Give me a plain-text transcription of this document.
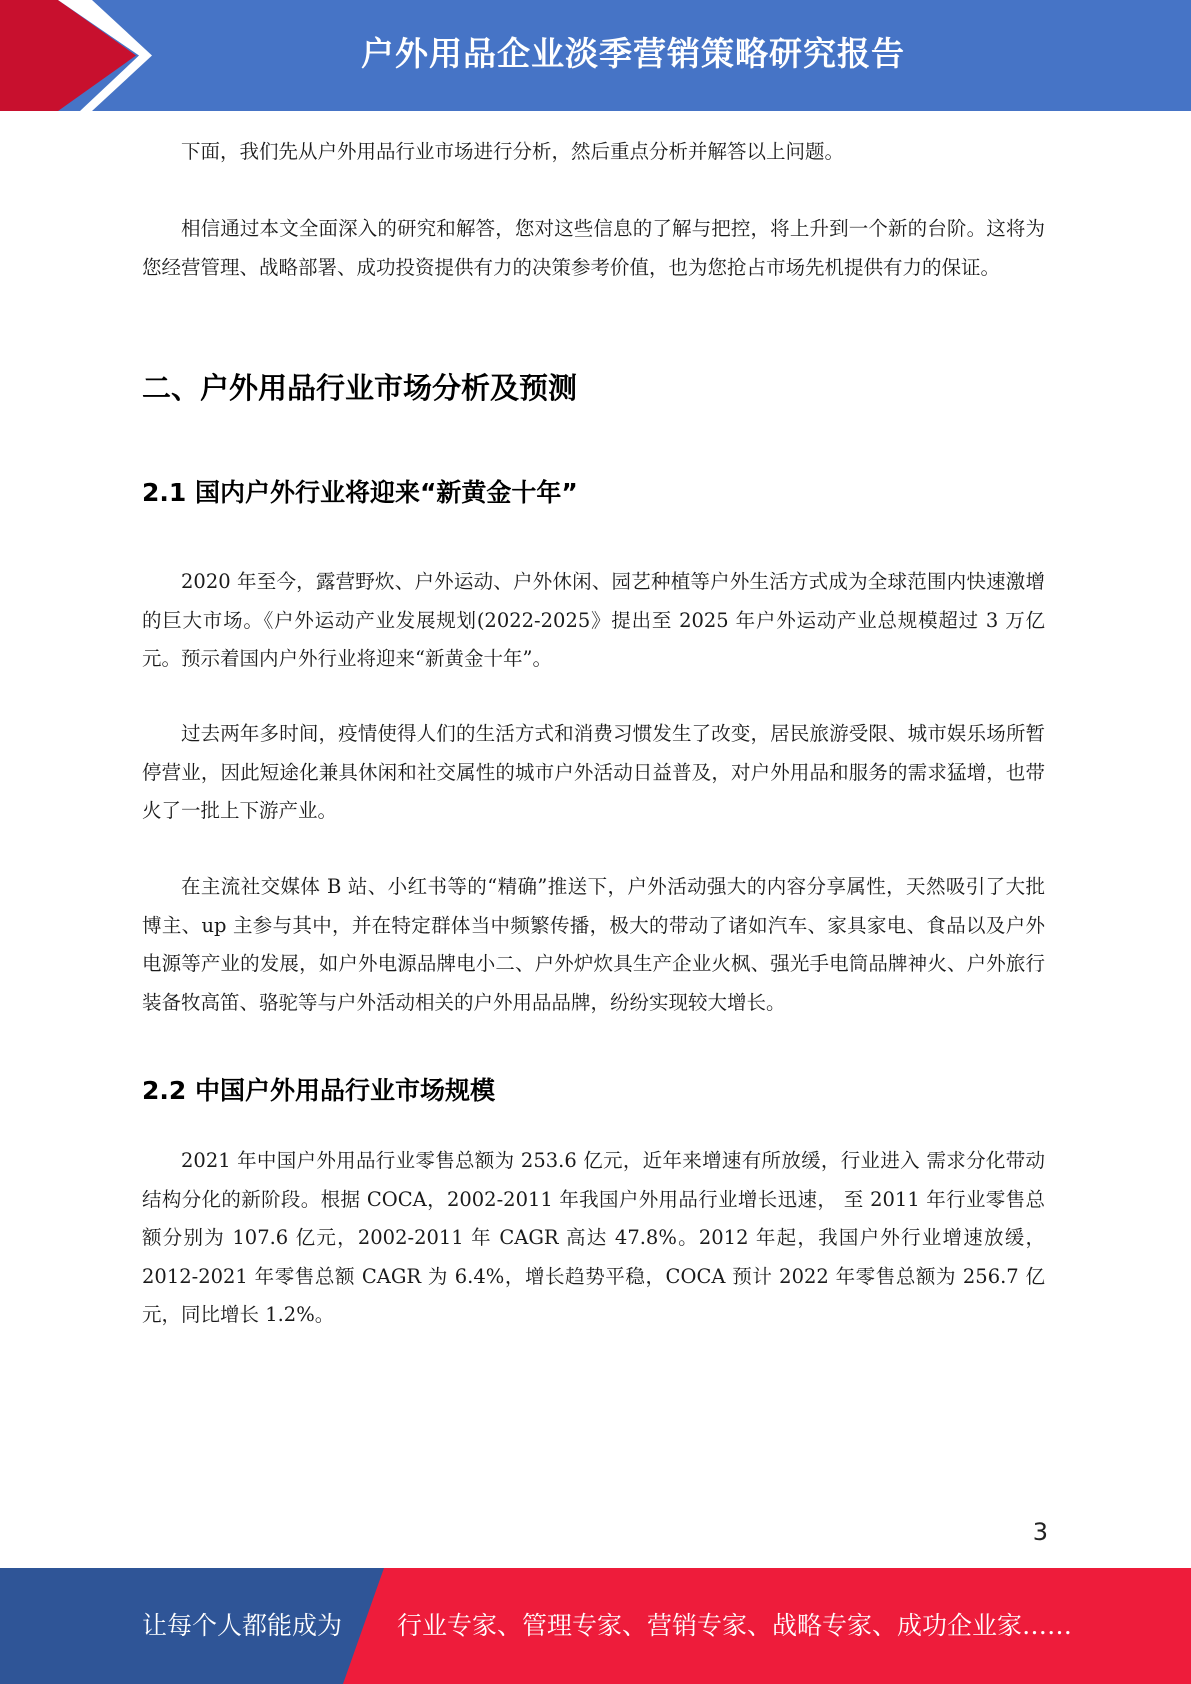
户外用品企业淡季营销策略研究报告

下面，我们先从户外用品行业市场进行分析，然后重点分析并解答以上问题。

相信通过本文全面深入的研究和解答，您对这些信息的了解与把控，将上升到一个新的台阶。这将为您经营管理、战略部署、成功投资提供有力的决策参考价值，也为您抢占市场先机提供有力的保证。

二、户外用品行业市场分析及预测
2.1 国内户外行业将迎来“新黄金十年”

2020 年至今，露营野炊、户外运动、户外休闲、园艺种植等户外生活方式成为全球范围内快速激增的巨大市场。《户外运动产业发展规划(2022-2025》提出至 2025 年户外运动产业总规模超过 3 万亿元。预示着国内户外行业将迎来“新黄金十年”。

过去两年多时间，疫情使得人们的生活方式和消费习惯发生了改变，居民旅游受限、城市娱乐场所暂停营业，因此短途化兼具休闲和社交属性的城市户外活动日益普及，对户外用品和服务的需求猛增，也带火了一批上下游产业。

在主流社交媒体 B 站、小红书等的“精确”推送下，户外活动强大的内容分享属性，天然吸引了大批博主、up 主参与其中，并在特定群体当中频繁传播，极大的带动了诸如汽车、家具家电、食品以及户外电源等产业的发展，如户外电源品牌电小二、户外炉炊具生产企业火枫、强光手电筒品牌神火、户外旅行装备牧高笛、骆驼等与户外活动相关的户外用品品牌，纷纷实现较大增长。

2.2 中国户外用品行业市场规模

2021 年中国户外用品行业零售总额为 253.6 亿元，近年来增速有所放缓，行业进入 需求分化带动结构分化的新阶段。根据 COCA，2002-2011 年我国户外用品行业增长迅速， 至 2011 年行业零售总额分别为 107.6 亿元，2002-2011 年 CAGR 高达 47.8%。2012 年起，我国户外行业增速放缓，2012-2021 年零售总额 CAGR 为 6.4%，增长趋势平稳，COCA 预计 2022 年零售总额为 256.7 亿元，同比增长 1.2%。

3
让每个人都能成为 行业专家、管理专家、营销专家、战略专家、成功企业家……
